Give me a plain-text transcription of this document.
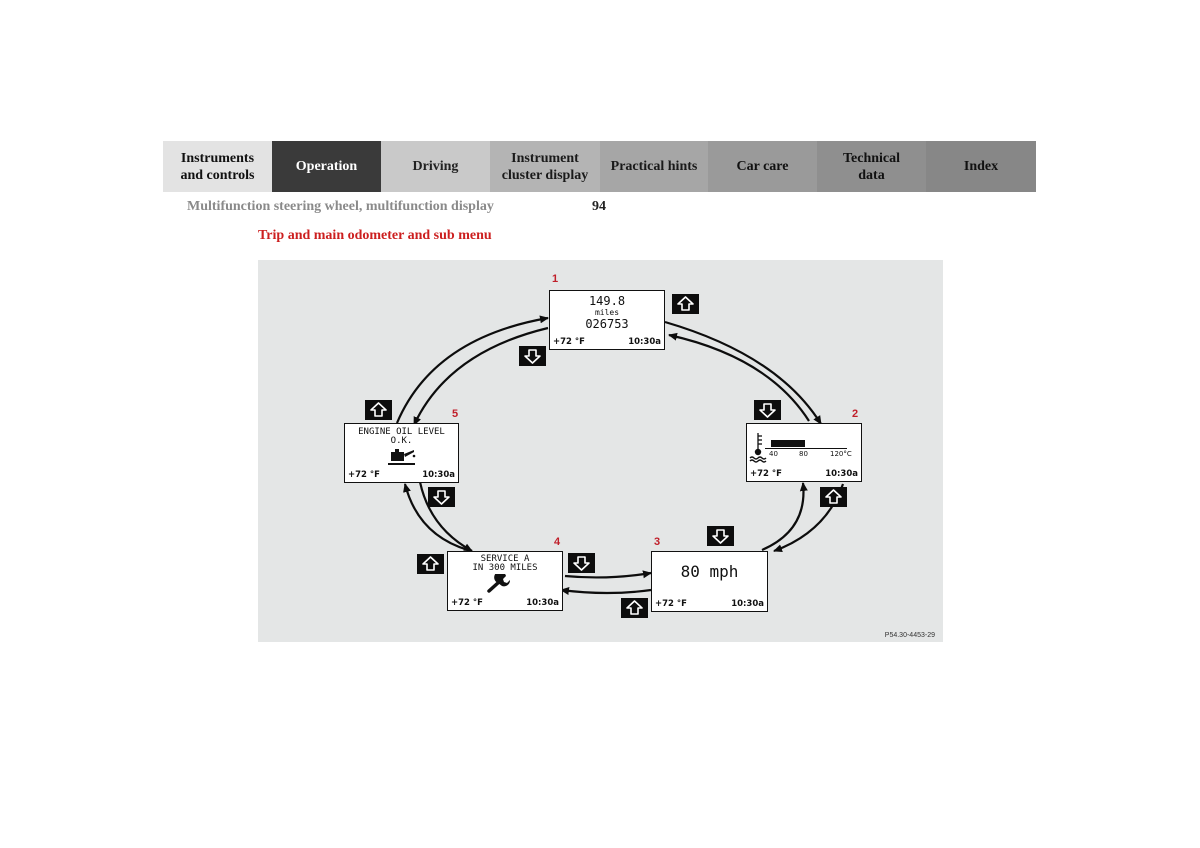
Instruments
and controls
Operation	Driving
Instrument
cluster display
Practical hints	Car care
Technical
data
Index
Multifunction steering wheel, multifunction display	94
Trip and main odometer and sub menu
1
149.8
miles
026753
+72 °F	10:30a
2
40	80	120°C
+72 °F	10:30a
3
80 mph
+72 °F	10:30a
4
SERVICE A
IN 300 MILES
+72 °F	10:30a
5
ENGINE OIL LEVEL
O.K.
+72 °F	10:30a
P54.30-4453-29
